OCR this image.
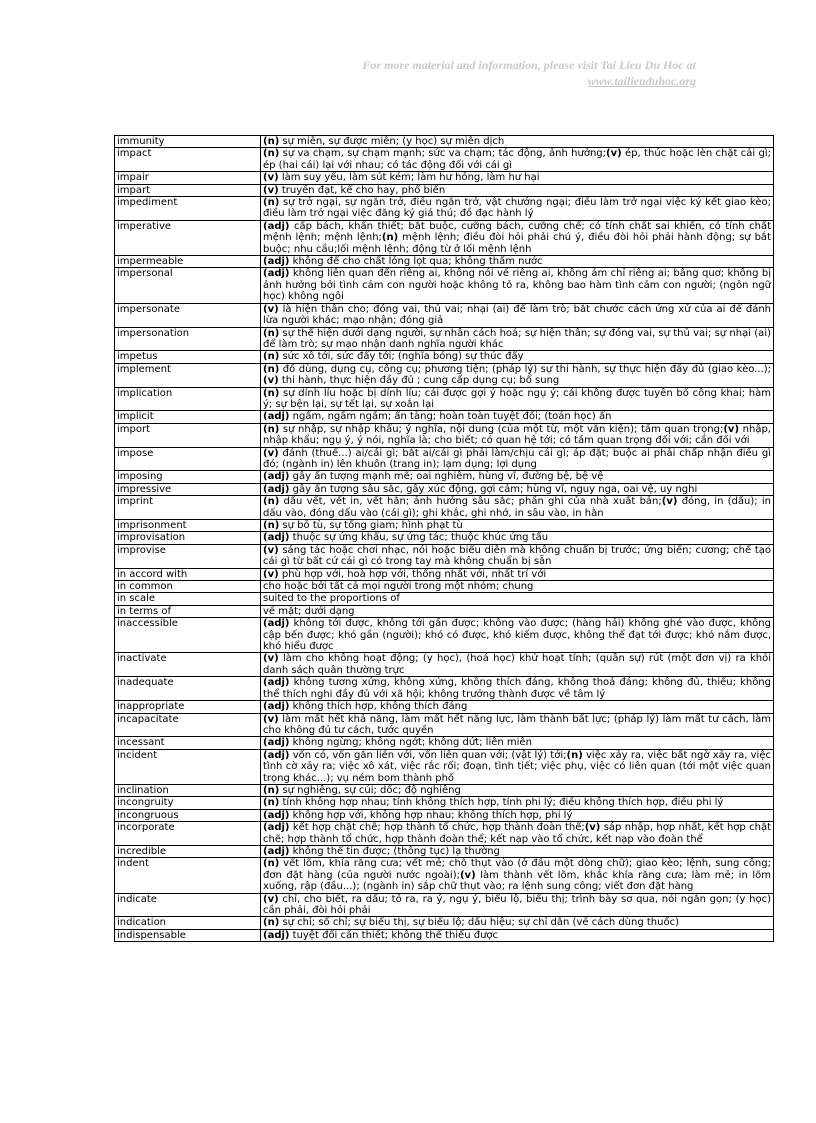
For more material and information, please visit Tai Lieu Du Hoc at
www.tailieuduhoc.org
immunity	(n) sự miễn, sự được miễn; (y học) sự miễn dịch
impact	(n) sự va chạm, sự chạm mạnh; sức va chạm; tác động, ảnh hưởng;(v) ép, thúc hoặc lèn chặt cái gì; ép (hai cái) lại với nhau; có tác động đối với cái gì
impair	(v) làm suy yếu, làm sút kém; làm hư hỏng, làm hư hại
impart	(v) truyền đạt, kể cho hay, phổ biến
impediment	(n) sự trở ngại, sự ngăn trở, điều ngăn trở, vật chướng ngại; điều làm trở ngại việc ký kết giao kèo; điều làm trở ngại việc đăng ký giá thú; đồ đạc hành lý
imperative	(adj) cấp bách, khẩn thiết; bắt buộc, cưỡng bách, cưỡng chế; có tính chất sai khiến, có tính chất mệnh lệnh; mệnh lệnh;(n) mệnh lệnh; điều đòi hỏi phải chú ý, điều đòi hỏi phải hành động; sự bắt buộc; nhu cầu;lối mệnh lệnh; động từ ở lối mệnh lệnh
impermeable	(adj) không để cho chất lỏng lọt qua; không thấm nước
impersonal	(adj) không liên quan đến riêng ai, không nói về riêng ai, không ám chỉ riêng ai; bâng quơ; không bị ảnh hưởng bởi tình cảm con người hoặc không tỏ ra, không bao hàm tình cảm con người; (ngôn ngữ học) không ngôi
impersonate	(v) là hiện thân cho; đóng vai, thủ vai; nhại (ai) để làm trò; bắt chước cách ứng xử của ai để đánh lừa người khác; mạo nhận; đóng giả
impersonation	(n) sự thể hiện dưới dạng người, sự nhân cách hoá; sự hiện thân; sự đóng vai, sự thủ vai; sự nhại (ai) để làm trò; sự mạo nhận danh nghĩa người khác
impetus	(n) sức xô tới, sức đẩy tới; (nghĩa bóng) sự thúc đẩy
implement	(n) đồ dùng, dụng cụ, công cụ; phương tiện; (pháp lý) sự thi hành, sự thực hiện đầy đủ (giao kèo...);(v) thi hành, thực hiện đầy đủ ; cung cấp dụng cụ; bổ sung
implication	(n) sự dính líu hoặc bị dính líu; cái được gợi ý hoặc ngụ ý; cái không được tuyên bố công khai; hàm ý; sự bện lại, sự tết lại, sự xoắn lại
implicit	(adj) ngấm, ngấm ngầm; ẩn tàng; hoàn toàn tuyệt đối; (toán học) ẩn
import	(n) sự nhập, sự nhập khẩu; ý nghĩa, nội dung (của một từ, một văn kiện); tầm quan trọng;(v) nhập, nhập khẩu; ngụ ý, ý nói, nghĩa là; cho biết; có quan hệ tới; có tầm quan trọng đối với; cần đối với
impose	(v) đánh (thuế...) ai/cái gì; bắt ai/cái gì phải làm/chịu cái gì; áp đặt; buộc ai phải chấp nhận điều gì đó; (ngành in) lên khuôn (trang in); lạm dụng; lợi dụng
imposing	(adj) gây ấn tượng mạnh mẽ; oai nghiêm, hùng vĩ, đường bệ, bệ vệ
impressive	(adj) gây ấn tượng sâu sắc, gây xúc động, gợi cảm; hùng vĩ, nguy nga, oai vệ, uy nghi
imprint	(n) dấu vết, vết in, vết hằn; ảnh hưởng sâu sắc; phần ghi của nhà xuất bản;(v) đóng, in (dấu); in dấu vào, đóng dấu vào (cái gì); ghi khắc, ghi nhớ, in sâu vào, in hằn
imprisonment	(n) sự bỏ tù, sự tống giam; hình phạt tù
improvisation	(adj) thuộc sự ứng khẩu, sự ứng tác; thuộc khúc ứng tấu
improvise	(v) sáng tác hoặc chơi nhạc, nói hoặc biểu diễn mà không chuẩn bị trước; ứng biến; cương; chế tạo cái gì từ bất cứ cái gì có trong tay mà không chuẩn bị sẵn
in accord with	(v) phù hợp với, hoà hợp với, thống nhất với, nhất trí với
in common	cho hoặc bởi tất cả mọi người trong một nhóm; chung
in scale	suited to the proportions of
in terms of	về mặt; dưới dạng
inaccessible	(adj) không tới được, không tới gần được; không vào được; (hàng hải) không ghé vào được, không cập bến được; khó gần (người); khó có được, khó kiếm được, không thể đạt tới được; khó nắm được, khó hiểu được
inactivate	(v) làm cho không hoạt động; (y học), (hoá học) khử hoạt tính; (quân sự) rút (một đơn vị) ra khỏi danh sách quân thường trực
inadequate	(adj) không tương xứng, không xứng, không thích đáng, không thoả đáng; không đủ, thiếu; không thể thích nghi đầy đủ với xã hội; không trưởng thành được về tâm lý
inappropriate	(adj) không thích hợp, không thích đáng
incapacitate	(v) làm mất hết khả năng, làm mất hết năng lực, làm thành bất lực; (pháp lý) làm mất tư cách, làm cho không đủ tư cách, tước quyền
incessant	(adj) không ngừng; không ngớt; không dứt; liên miên
incident	(adj) vốn có, vốn gắn liền với, vốn liên quan với; (vật lý) tới;(n) việc xảy ra, việc bất ngờ xảy ra, việc tình cờ xảy ra; việc xô xát, việc rắc rối; đoạn, tình tiết; việc phụ, việc có liên quan (tới một việc quan trọng khác...); vụ ném bom thành phố
inclination	(n) sự nghiêng, sự cúi; dốc; độ nghiêng
incongruity	(n) tính không hợp nhau; tính không thích hợp, tính phi lý; điều không thích hợp, điều phi lý
incongruous	(adj) không hợp với, không hợp nhau; không thích hợp, phi lý
incorporate	(adj) kết hợp chặt chẽ; hợp thành tổ chức, hợp thành đoàn thể;(v) sáp nhập, hợp nhất, kết hợp chặt chẽ; hợp thành tổ chức, hợp thành đoàn thể; kết nạp vào tổ chức, kết nạp vào đoàn thể
incredible	(adj) không thể tin được; (thông tục) lạ thường
indent	(n) vết lõm, khía răng cưa; vết mẻ; chỗ thụt vào (ở đầu một dòng chữ); giao kèo; lệnh, sung công; đơn đặt hàng (của người nước ngoài);(v) làm thành vết lõm, khắc khía răng cưa; làm mẻ; in lõm xuống, rập (đầu...); (ngành in) sắp chữ thụt vào; ra lệnh sung công; viết đơn đặt hàng
indicate	(v) chỉ, cho biết, ra dấu; tỏ ra, ra ý, ngụ ý, biểu lộ, biểu thị; trình bày sơ qua, nói ngắn gọn; (y học) cần phải, đòi hỏi phải
indication	(n) sự chỉ; số chỉ; sự biểu thị, sự biểu lộ; dấu hiệu; sự chỉ dẫn (về cách dùng thuốc)
indispensable	(adj) tuyệt đối cần thiết; không thể thiếu được
